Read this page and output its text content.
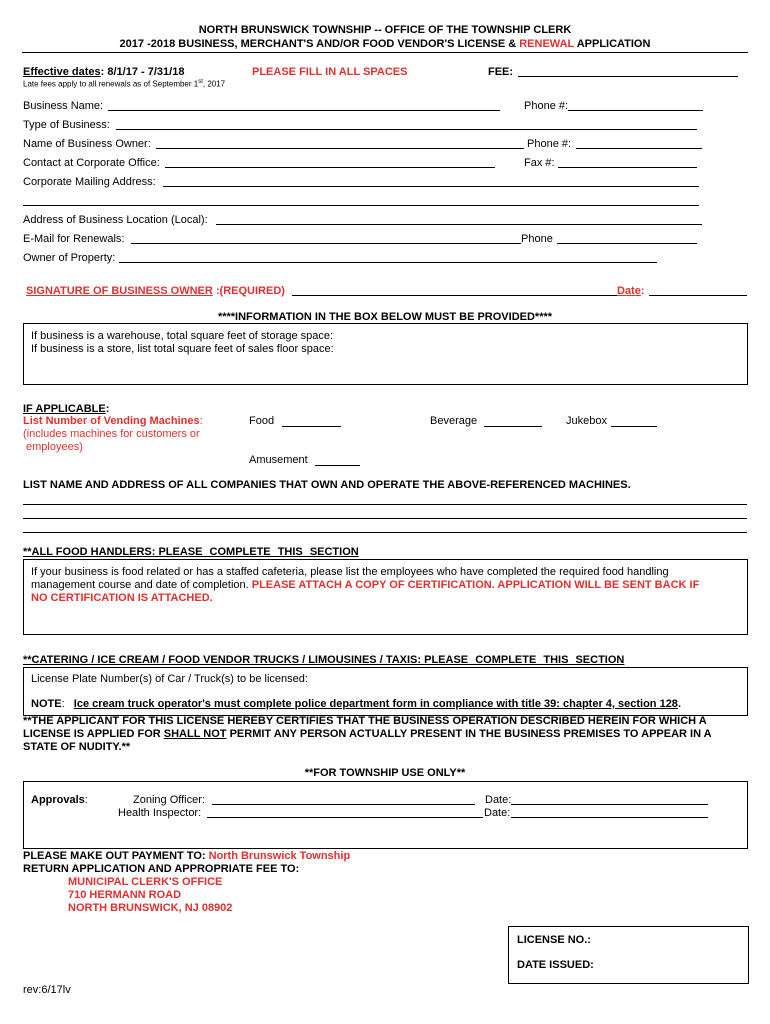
NORTH BRUNSWICK TOWNSHIP -- OFFICE OF THE TOWNSHIP CLERK
2017 -2018 BUSINESS, MERCHANT'S AND/OR FOOD VENDOR'S LICENSE & RENEWAL APPLICATION
Effective dates: 8/1/17 - 7/31/18	PLEASE FILL IN ALL SPACES	FEE:
Late fees apply to all renewals as of September 1st, 2017
Business Name:	Phone #:
Type of Business:
Name of Business Owner:	Phone #:
Contact at Corporate Office:	Fax #:
Corporate Mailing Address:
Address of Business Location (Local):
E-Mail for Renewals:	Phone
Owner of Property:
SIGNATURE OF BUSINESS OWNER :(REQUIRED)	Date:
****INFORMATION IN THE BOX BELOW MUST BE PROVIDED****
If business is a warehouse, total square feet of storage space:
If business is a store, list total square feet of sales floor space:
IF APPLICABLE:
List Number of Vending Machines:
(includes machines for customers or
employees)
Food	Beverage	Jukebox
Amusement
LIST NAME AND ADDRESS OF ALL COMPANIES THAT OWN AND OPERATE THE ABOVE-REFERENCED MACHINES.
**ALL FOOD HANDLERS: PLEASE COMPLETE THIS SECTION
If your business is food related or has a staffed cafeteria, please list the employees who have completed the required food handling
management course and date of completion. PLEASE ATTACH A COPY OF CERTIFICATION. APPLICATION WILL BE SENT BACK IF
NO CERTIFICATION IS ATTACHED.
**CATERING / ICE CREAM / FOOD VENDOR TRUCKS / LIMOUSINES / TAXIS: PLEASE COMPLETE THIS SECTION
License Plate Number(s) of Car / Truck(s) to be licensed:
NOTE: Ice cream truck operator's must complete police department form in compliance with title 39: chapter 4, section 128.
**THE APPLICANT FOR THIS LICENSE HEREBY CERTIFIES THAT THE BUSINESS OPERATION DESCRIBED HEREIN FOR WHICH A
LICENSE IS APPLIED FOR SHALL NOT PERMIT ANY PERSON ACTUALLY PRESENT IN THE BUSINESS PREMISES TO APPEAR IN A
STATE OF NUDITY.**
**FOR TOWNSHIP USE ONLY**
Approvals:	Zoning Officer:	Date:
Health Inspector:	Date:
PLEASE MAKE OUT PAYMENT TO: North Brunswick Township
RETURN APPLICATION AND APPROPRIATE FEE TO:
MUNICIPAL CLERK'S OFFICE
710 HERMANN ROAD
NORTH BRUNSWICK, NJ 08902
LICENSE NO.:
DATE ISSUED:
rev:6/17lv
